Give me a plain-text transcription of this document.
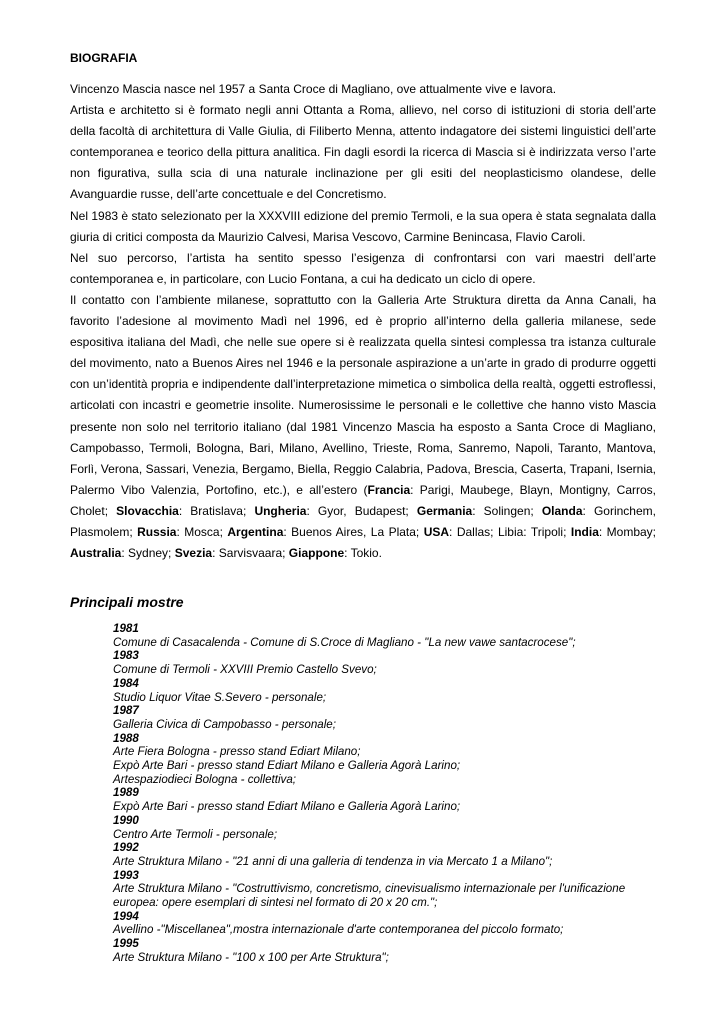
BIOGRAFIA

Vincenzo Mascia nasce nel 1957 a Santa Croce di Magliano, ove attualmente vive e lavora.

Artista e architetto si è formato negli anni Ottanta a Roma, allievo, nel corso di istituzioni di storia dell’arte della facoltà di architettura di Valle Giulia, di Filiberto Menna, attento indagatore dei sistemi linguistici dell’arte contemporanea e teorico della pittura analitica. Fin dagli esordi la ricerca di Mascia si è indirizzata verso l’arte non figurativa, sulla scia di una naturale inclinazione per gli esiti del neoplasticismo olandese, delle Avanguardie russe, dell’arte concettuale e del Concretismo.

Nel 1983 è stato selezionato per la XXXVIII edizione del premio Termoli, e la sua opera è stata segnalata dalla giuria di critici composta da Maurizio Calvesi, Marisa Vescovo, Carmine Benincasa, Flavio Caroli.

Nel suo percorso, l’artista ha sentito spesso l’esigenza di confrontarsi con vari maestri dell’arte contemporanea e, in particolare, con Lucio Fontana, a cui ha dedicato un ciclo di opere.

Il contatto con l’ambiente milanese, soprattutto con la Galleria Arte Struktura diretta da Anna Canali, ha favorito l’adesione al movimento Madì nel 1996, ed è proprio all’interno della galleria milanese, sede espositiva italiana del Madì, che nelle sue opere si è realizzata quella sintesi complessa tra istanza culturale del movimento, nato a Buenos Aires nel 1946 e la personale aspirazione a un’arte in grado di produrre oggetti con un’identità propria e indipendente dall’interpretazione mimetica o simbolica della realtà, oggetti estroflessi, articolati con incastri e geometrie insolite. Numerosissime le personali e le collettive che hanno visto Mascia presente non solo nel territorio italiano (dal 1981 Vincenzo Mascia ha esposto a Santa Croce di Magliano, Campobasso, Termoli, Bologna, Bari, Milano, Avellino, Trieste, Roma, Sanremo, Napoli, Taranto, Mantova, Forlì, Verona, Sassari, Venezia, Bergamo, Biella, Reggio Calabria, Padova, Brescia, Caserta, Trapani, Isernia, Palermo Vibo Valenzia, Portofino, etc.), e all’estero (Francia: Parigi, Maubege, Blayn, Montigny, Carros, Cholet; Slovacchia: Bratislava; Ungheria: Gyor, Budapest; Germania: Solingen; Olanda: Gorinchem, Plasmolem; Russia: Mosca; Argentina: Buenos Aires, La Plata; USA: Dallas; Libia: Tripoli; India: Mombay; Australia: Sydney; Svezia: Sarvisvaara; Giappone: Tokio.

Principali mostre
1981
Comune di Casacalenda - Comune di S.Croce di Magliano - "La new vawe santacrocese";
1983
Comune di Termoli - XXVIII Premio Castello Svevo;
1984
Studio Liquor Vitae S.Severo - personale;
1987
Galleria Civica di Campobasso - personale;
1988
Arte Fiera Bologna - presso stand Ediart Milano;
Expò Arte Bari - presso stand Ediart Milano e Galleria Agorà Larino;
Artespaziodieci Bologna - collettiva;
1989
Expò Arte Bari - presso stand Ediart Milano e Galleria Agorà Larino;
1990
Centro Arte Termoli - personale;
1992
Arte Struktura Milano - "21 anni di una galleria di tendenza in via Mercato 1 a Milano";
1993
Arte Struktura Milano - "Costruttivismo, concretismo, cinevisualismo internazionale per l'unificazione europea: opere esemplari di sintesi nel formato di 20 x 20 cm.";
1994
Avellino -"Miscellanea",mostra internazionale d'arte contemporanea del piccolo formato;
1995
Arte Struktura Milano - "100 x 100 per Arte Struktura";
